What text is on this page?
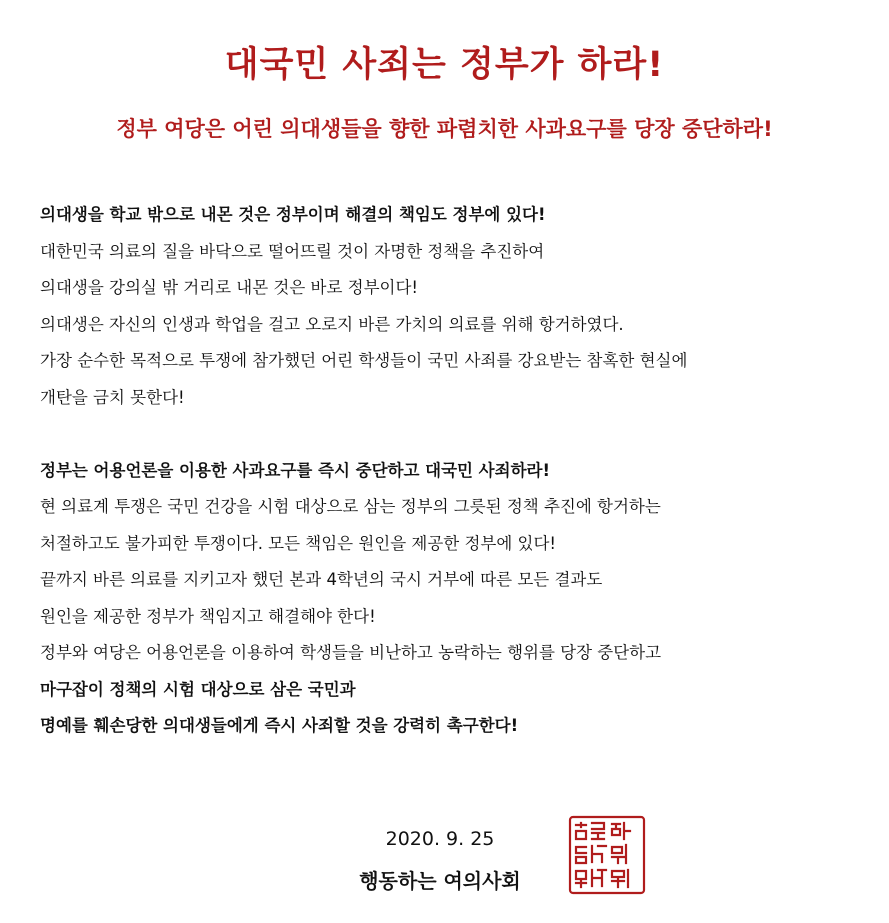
대국민 사죄는 정부가 하라!
정부 여당은 어린 의대생들을 향한 파렴치한 사과요구를 당장 중단하라!
의대생을 학교 밖으로 내몬 것은 정부이며 해결의 책임도 정부에 있다!
대한민국 의료의 질을 바닥으로 떨어뜨릴 것이 자명한 정책을 추진하여
의대생을 강의실 밖 거리로 내몬 것은 바로 정부이다!
의대생은 자신의 인생과 학업을 걸고 오로지 바른 가치의 의료를 위해 항거하였다.
가장 순수한 목적으로 투쟁에 참가했던 어린 학생들이 국민 사죄를 강요받는 참혹한 현실에
개탄을 금치 못한다!
정부는 어용언론을 이용한 사과요구를 즉시 중단하고 대국민 사죄하라!
현 의료계 투쟁은 국민 건강을 시험 대상으로 삼는 정부의 그릇된 정책 추진에 항거하는
처절하고도 불가피한 투쟁이다. 모든 책임은 원인을 제공한 정부에 있다!
끝까지 바른 의료를 지키고자 했던 본과 4학년의 국시 거부에 따른 모든 결과도
원인을 제공한 정부가 책임지고 해결해야 한다!
정부와 여당은 어용언론을 이용하여 학생들을 비난하고 농락하는 행위를 당장 중단하고
마구잡이 정책의 시험 대상으로 삼은 국민과
명예를 훼손당한 의대생들에게 즉시 사죄할 것을 강력히 촉구한다!
2020. 9. 25
행동하는 여의사회
